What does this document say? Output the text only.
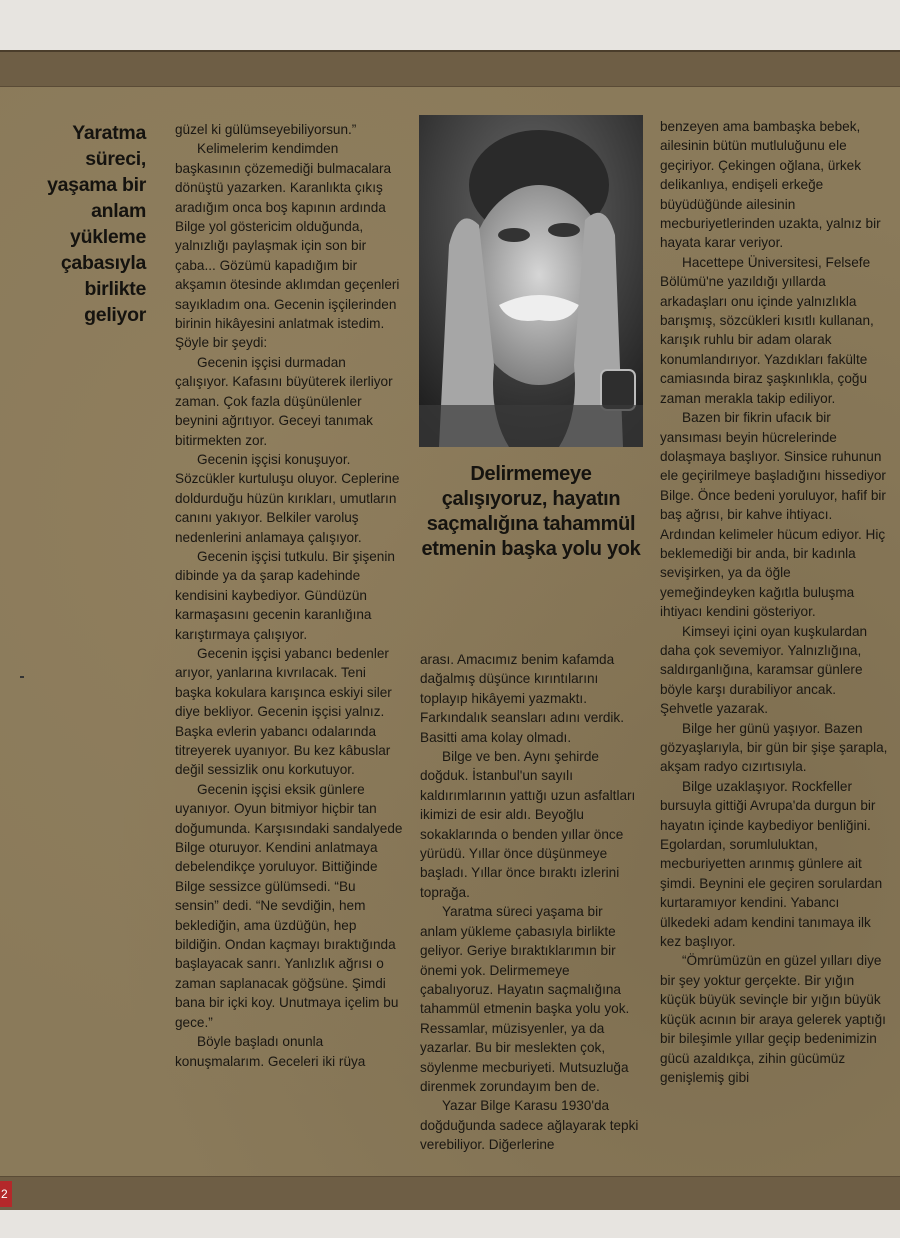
2
Yaratma süreci, yaşama bir anlam yükleme çabasıyla birlikte geliyor

güzel ki gülümseyebiliyorsun.”

Kelimelerim kendimden başkasının çözemediği bulmacalara dönüştü yazarken. Karanlıkta çıkış aradığım onca boş kapının ardında Bilge yol göstericim olduğunda, yalnızlığı paylaşmak için son bir çaba... Gözümü kapadığım bir akşamın ötesinde aklımdan geçenleri sayıkladım ona. Gecenin işçilerinden birinin hikâyesini anlatmak istedim. Şöyle bir şeydi:

Gecenin işçisi durmadan çalışıyor. Kafasını büyüterek ilerliyor zaman. Çok fazla düşünülenler beynini ağrıtıyor. Geceyi tanımak bitirmekten zor.

Gecenin işçisi konuşuyor. Sözcükler kurtuluşu oluyor. Ceplerine doldurduğu hüzün kırıkları, umutların canını yakıyor. Belkiler varoluş nedenlerini anlamaya çalışıyor.

Gecenin işçisi tutkulu. Bir şişenin dibinde ya da şarap kadehinde kendisini kaybediyor. Gündüzün karmaşasını gecenin karanlığına karıştırmaya çalışıyor.

Gecenin işçisi yabancı bedenler arıyor, yanlarına kıvrılacak. Teni başka kokulara karışınca eskiyi siler diye bekliyor. Gecenin işçisi yalnız. Başka evlerin yabancı odalarında titreyerek uyanıyor. Bu kez kâbuslar değil sessizlik onu korkutuyor.

Gecenin işçisi eksik günlere uyanıyor. Oyun bitmiyor hiçbir tan doğumunda. Karşısındaki sandalyede Bilge oturuyor. Kendini anlatmaya debelendikçe yoruluyor. Bittiğinde Bilge sessizce gülümsedi. “Bu sensin” dedi. “Ne sevdiğin, hem beklediğin, ama üzdüğün, hep bildiğin. Ondan kaçmayı bıraktığında başlayacak sanrı. Yanlızlık ağrısı o zaman saplanacak göğsüne. Şimdi bana bir içki koy. Unutmaya içelim bu gece.”

Böyle başladı onunla konuşmalarım. Geceleri iki rüya

Delirmemeye çalışıyoruz, hayatın saçmalığına tahammül etmenin başka yolu yok

arası. Amacımız benim kafamda dağalmış düşünce kırıntılarını toplayıp hikâyemi yazmaktı. Farkındalık seansları adını verdik. Basitti ama kolay olmadı.

Bilge ve ben. Aynı şehirde doğduk. İstanbul'un sayılı kaldırımlarının yattığı uzun asfaltları ikimizi de esir aldı. Beyoğlu sokaklarında o benden yıllar önce yürüdü. Yıllar önce düşünmeye başladı. Yıllar önce bıraktı izlerini toprağa.

Yaratma süreci yaşama bir anlam yükleme çabasıyla birlikte geliyor. Geriye bıraktıklarımın bir önemi yok. Delirmemeye çabalıyoruz. Hayatın saçmalığına tahammül etmenin başka yolu yok. Ressamlar, müzisyenler, ya da yazarlar. Bu bir meslekten çok, söylenme mecburiyeti. Mutsuzluğa direnmek zorundayım ben de.

Yazar Bilge Karasu 1930'da doğduğunda sadece ağlayarak tepki verebiliyor. Diğerlerine

benzeyen ama bambaşka bebek, ailesinin bütün mutluluğunu ele geçiriyor. Çekingen oğlana, ürkek delikanlıya, endişeli erkeğe büyüdüğünde ailesinin mecburiyetlerinden uzakta, yalnız bir hayata karar veriyor.

Hacettepe Üniversitesi, Felsefe Bölümü'ne yazıldığı yıllarda arkadaşları onu içinde yalnızlıkla barışmış, sözcükleri kısıtlı kullanan, karışık ruhlu bir adam olarak konumlandırıyor. Yazdıkları fakülte camiasında biraz şaşkınlıkla, çoğu zaman merakla takip ediliyor.

Bazen bir fikrin ufacık bir yansıması beyin hücrelerinde dolaşmaya başlıyor. Sinsice ruhunun ele geçirilmeye başladığını hissediyor Bilge. Önce bedeni yoruluyor, hafif bir baş ağrısı, bir kahve ihtiyacı. Ardından kelimeler hücum ediyor. Hiç beklemediği bir anda, bir kadınla sevişirken, ya da öğle yemeğindeyken kağıtla buluşma ihtiyacı kendini gösteriyor.

Kimseyi içini oyan kuşkulardan daha çok sevemiyor. Yalnızlığına, saldırganlığına, karamsar günlere böyle karşı durabiliyor ancak. Şehvetle yazarak.

Bilge her günü yaşıyor. Bazen gözyaşlarıyla, bir gün bir şişe şarapla, akşam radyo cızırtısıyla.

Bilge uzaklaşıyor. Rockfeller bursuyla gittiği Avrupa'da durgun bir hayatın içinde kaybediyor benliğini. Egolardan, sorumluluktan, mecburiyetten arınmış günlere ait şimdi. Beynini ele geçiren sorulardan kurtaramıyor kendini. Yabancı ülkedeki adam kendini tanımaya ilk kez başlıyor.

“Ömrümüzün en güzel yılları diye bir şey yoktur gerçekte. Bir yığın küçük büyük sevinçle bir yığın büyük küçük acının bir araya gelerek yaptığı bir bileşimle yıllar geçip bedenimizin gücü azaldıkça, zihin gücümüz genişlemiş gibi
